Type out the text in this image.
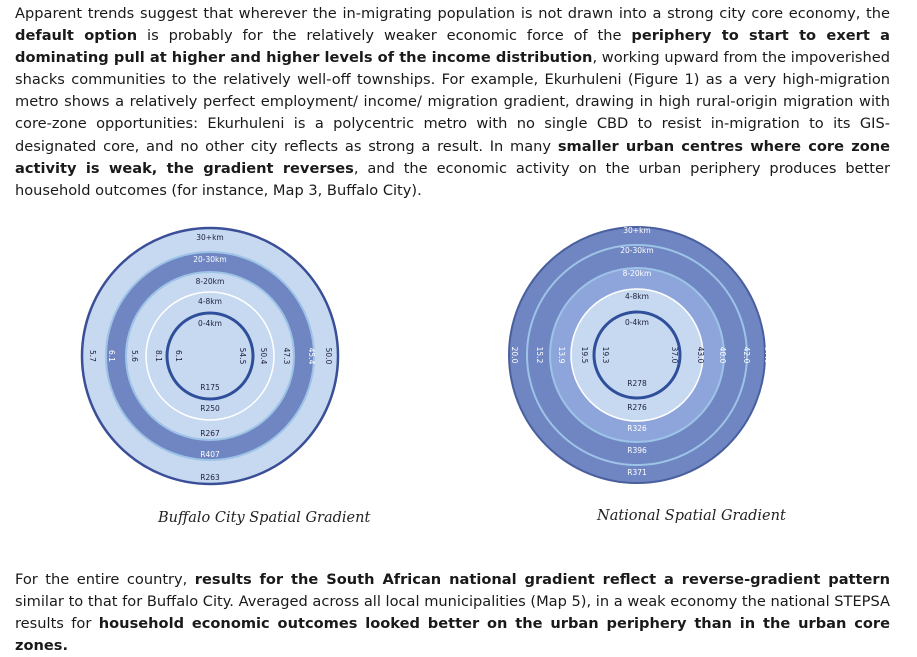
Apparent trends suggest that wherever the in-migrating population is not drawn into a strong city core economy, the default option is probably for the relatively weaker economic force of the periphery to start to exert a dominating pull at higher and higher levels of the income distribution, working upward from the impoverished shacks communities to the relatively well-off townships. For example, Ekurhuleni (Figure 1) as a very high-migration metro shows a relatively perfect employment/ income/ migration gradient, drawing in high rural-origin migration with core-zone opportunities: Ekurhuleni is a polycentric metro with no single CBD to resist in-migration to its GIS-designated core, and no other city reflects as strong a result. In many smaller urban centres where core zone activity is weak, the gradient reverses, and the economic activity on the urban periphery produces better household outcomes (for instance, Map 3, Buffalo City).

30+km
R263
5.7	50.0
20-30km
R407
6.1	45.4
8-20km
R267
5.6	47.3
4-8km
R250
8.1	50.4
0-4km
R175
6.1	54.5
Buffalo City Spatial Gradient
30+km
R371
20.0	37.0
20-30km
R396
15.2	42.0
8-20km
R326
13.9	40.0
4-8km
R276
19.5	43.0
0-4km
R278
19.3	37.0
National Spatial Gradient

For the entire country, results for the South African national gradient reflect a reverse-gradient pattern similar to that for Buffalo City. Averaged across all local municipalities (Map 5), in a weak economy the national STEPSA results for household economic outcomes looked better on the urban periphery than in the urban core zones.
